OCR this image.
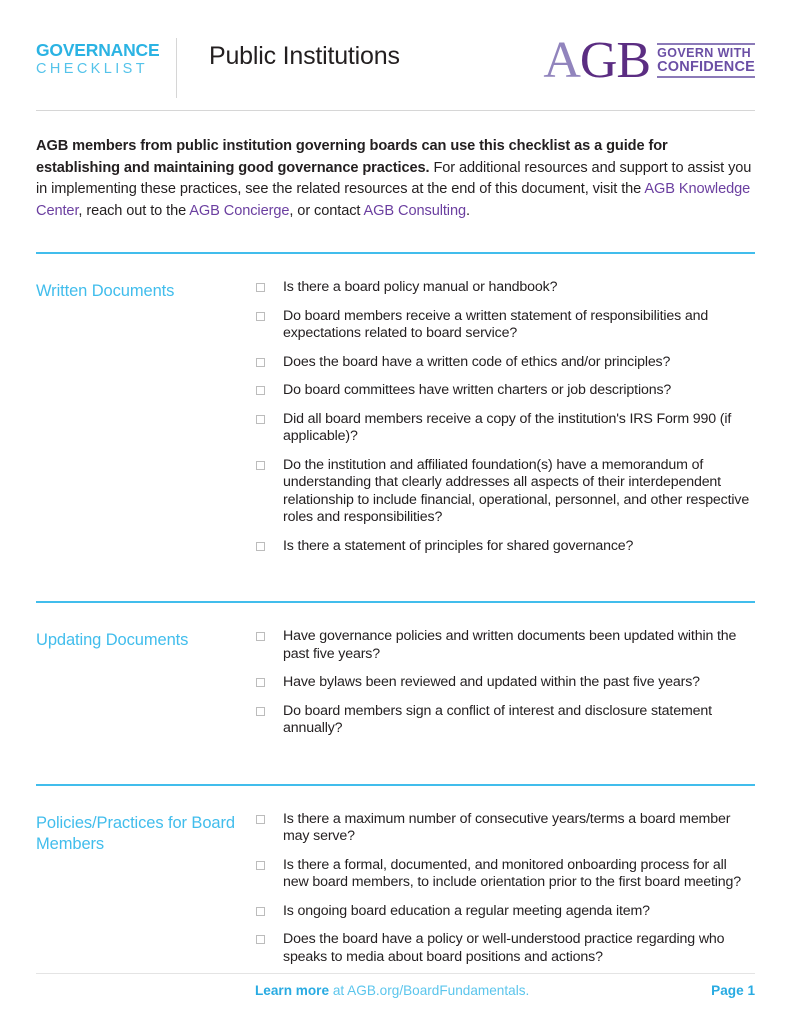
GOVERNANCE
CHECKLIST	Public Institutions	AGB GOVERN WITH
CONFIDENCE
AGB members from public institution governing boards can use this checklist as a guide for establishing and maintaining good governance practices. For additional resources and support to assist you in implementing these practices, see the related resources at the end of this document, visit the AGB Knowledge Center, reach out to the AGB Concierge, or contact AGB Consulting.
Written Documents	Is there a board policy manual or handbook?
Do board members receive a written statement of responsibilities and expectations related to board service?
Does the board have a written code of ethics and/or principles?
Do board committees have written charters or job descriptions?
Did all board members receive a copy of the institution's IRS Form 990 (if applicable)?
Do the institution and affiliated foundation(s) have a memorandum of understanding that clearly addresses all aspects of their interdependent relationship to include financial, operational, personnel, and other respective roles and responsibilities?
Is there a statement of principles for shared governance?
Updating Documents	Have governance policies and written documents been updated within the past five years?
Have bylaws been reviewed and updated within the past five years?
Do board members sign a conflict of interest and disclosure statement annually?
Policies/Practices for Board Members
Is there a maximum number of consecutive years/terms a board member may serve?
Is there a formal, documented, and monitored onboarding process for all new board members, to include orientation prior to the first board meeting?
Is ongoing board education a regular meeting agenda item?
Does the board have a policy or well-understood practice regarding who speaks to media about board positions and actions?
Learn more at AGB.org/BoardFundamentals.	Page 1
